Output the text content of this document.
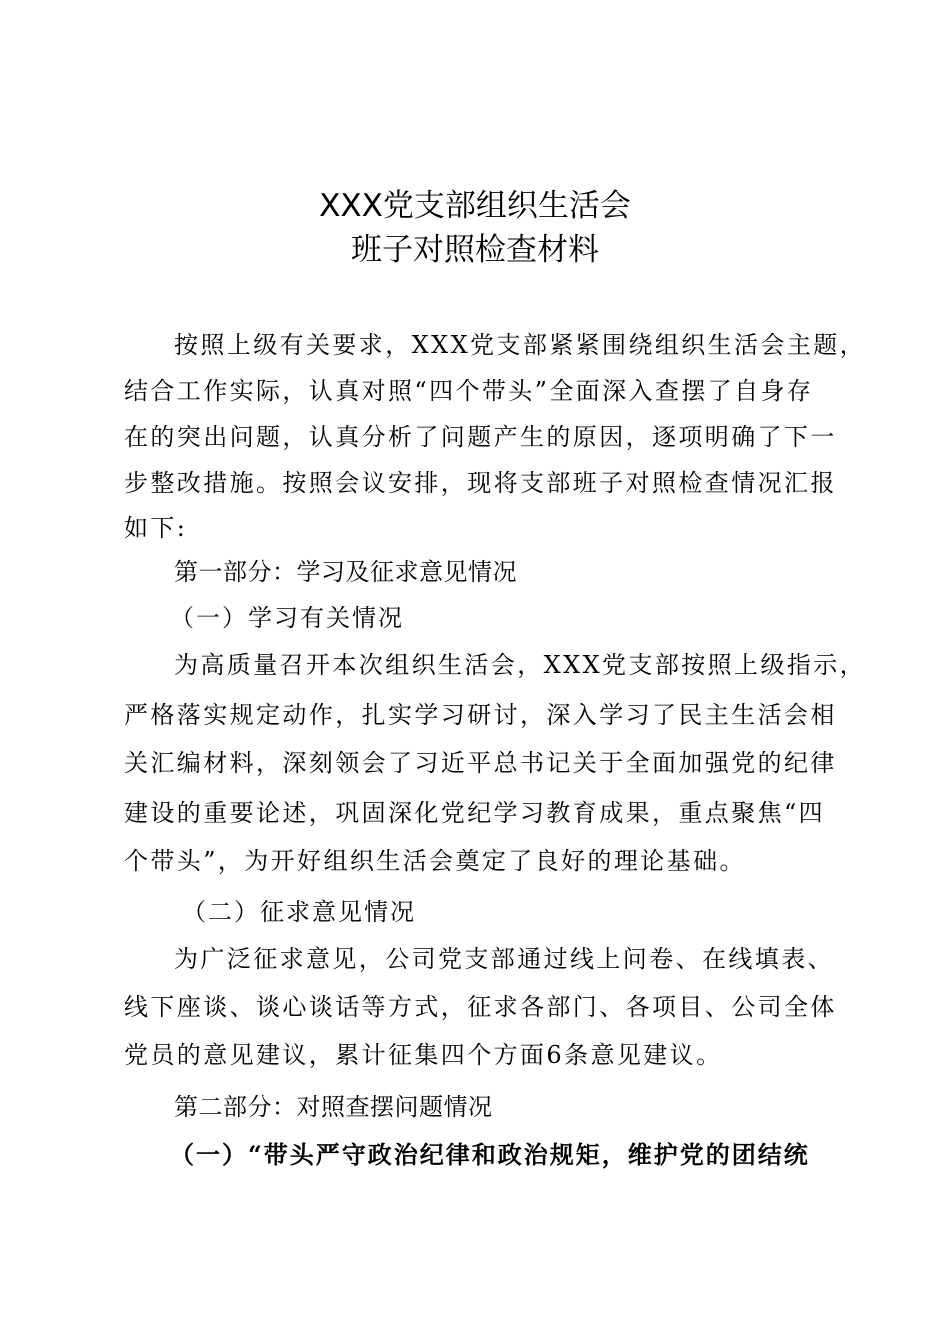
XXX党支部组织生活会
班子对照检查材料
按照上级有关要求，XXX党支部紧紧围绕组织生活会主题，
结合工作实际，认真对照“四个带头”全面深入查摆了自身存
在的突出问题，认真分析了问题产生的原因，逐项明确了下一
步整改措施。按照会议安排，现将支部班子对照检查情况汇报
如下:
第一部分：学习及征求意见情况
（一）学习有关情况
为高质量召开本次组织生活会，XXX党支部按照上级指示，
严格落实规定动作，扎实学习研讨，深入学习了民主生活会相
关汇编材料，深刻领会了习近平总书记关于全面加强党的纪律
建设的重要论述，巩固深化党纪学习教育成果，重点聚焦“四
个带头”，为开好组织生活会奠定了良好的理论基础。
（二）征求意见情况
为广泛征求意见，公司党支部通过线上问卷、在线填表、
线下座谈、谈心谈话等方式，征求各部门、各项目、公司全体
党员的意见建议，累计征集四个方面6条意见建议。
第二部分：对照查摆问题情况
（一）“带头严守政治纪律和政治规矩，维护党的团结统
